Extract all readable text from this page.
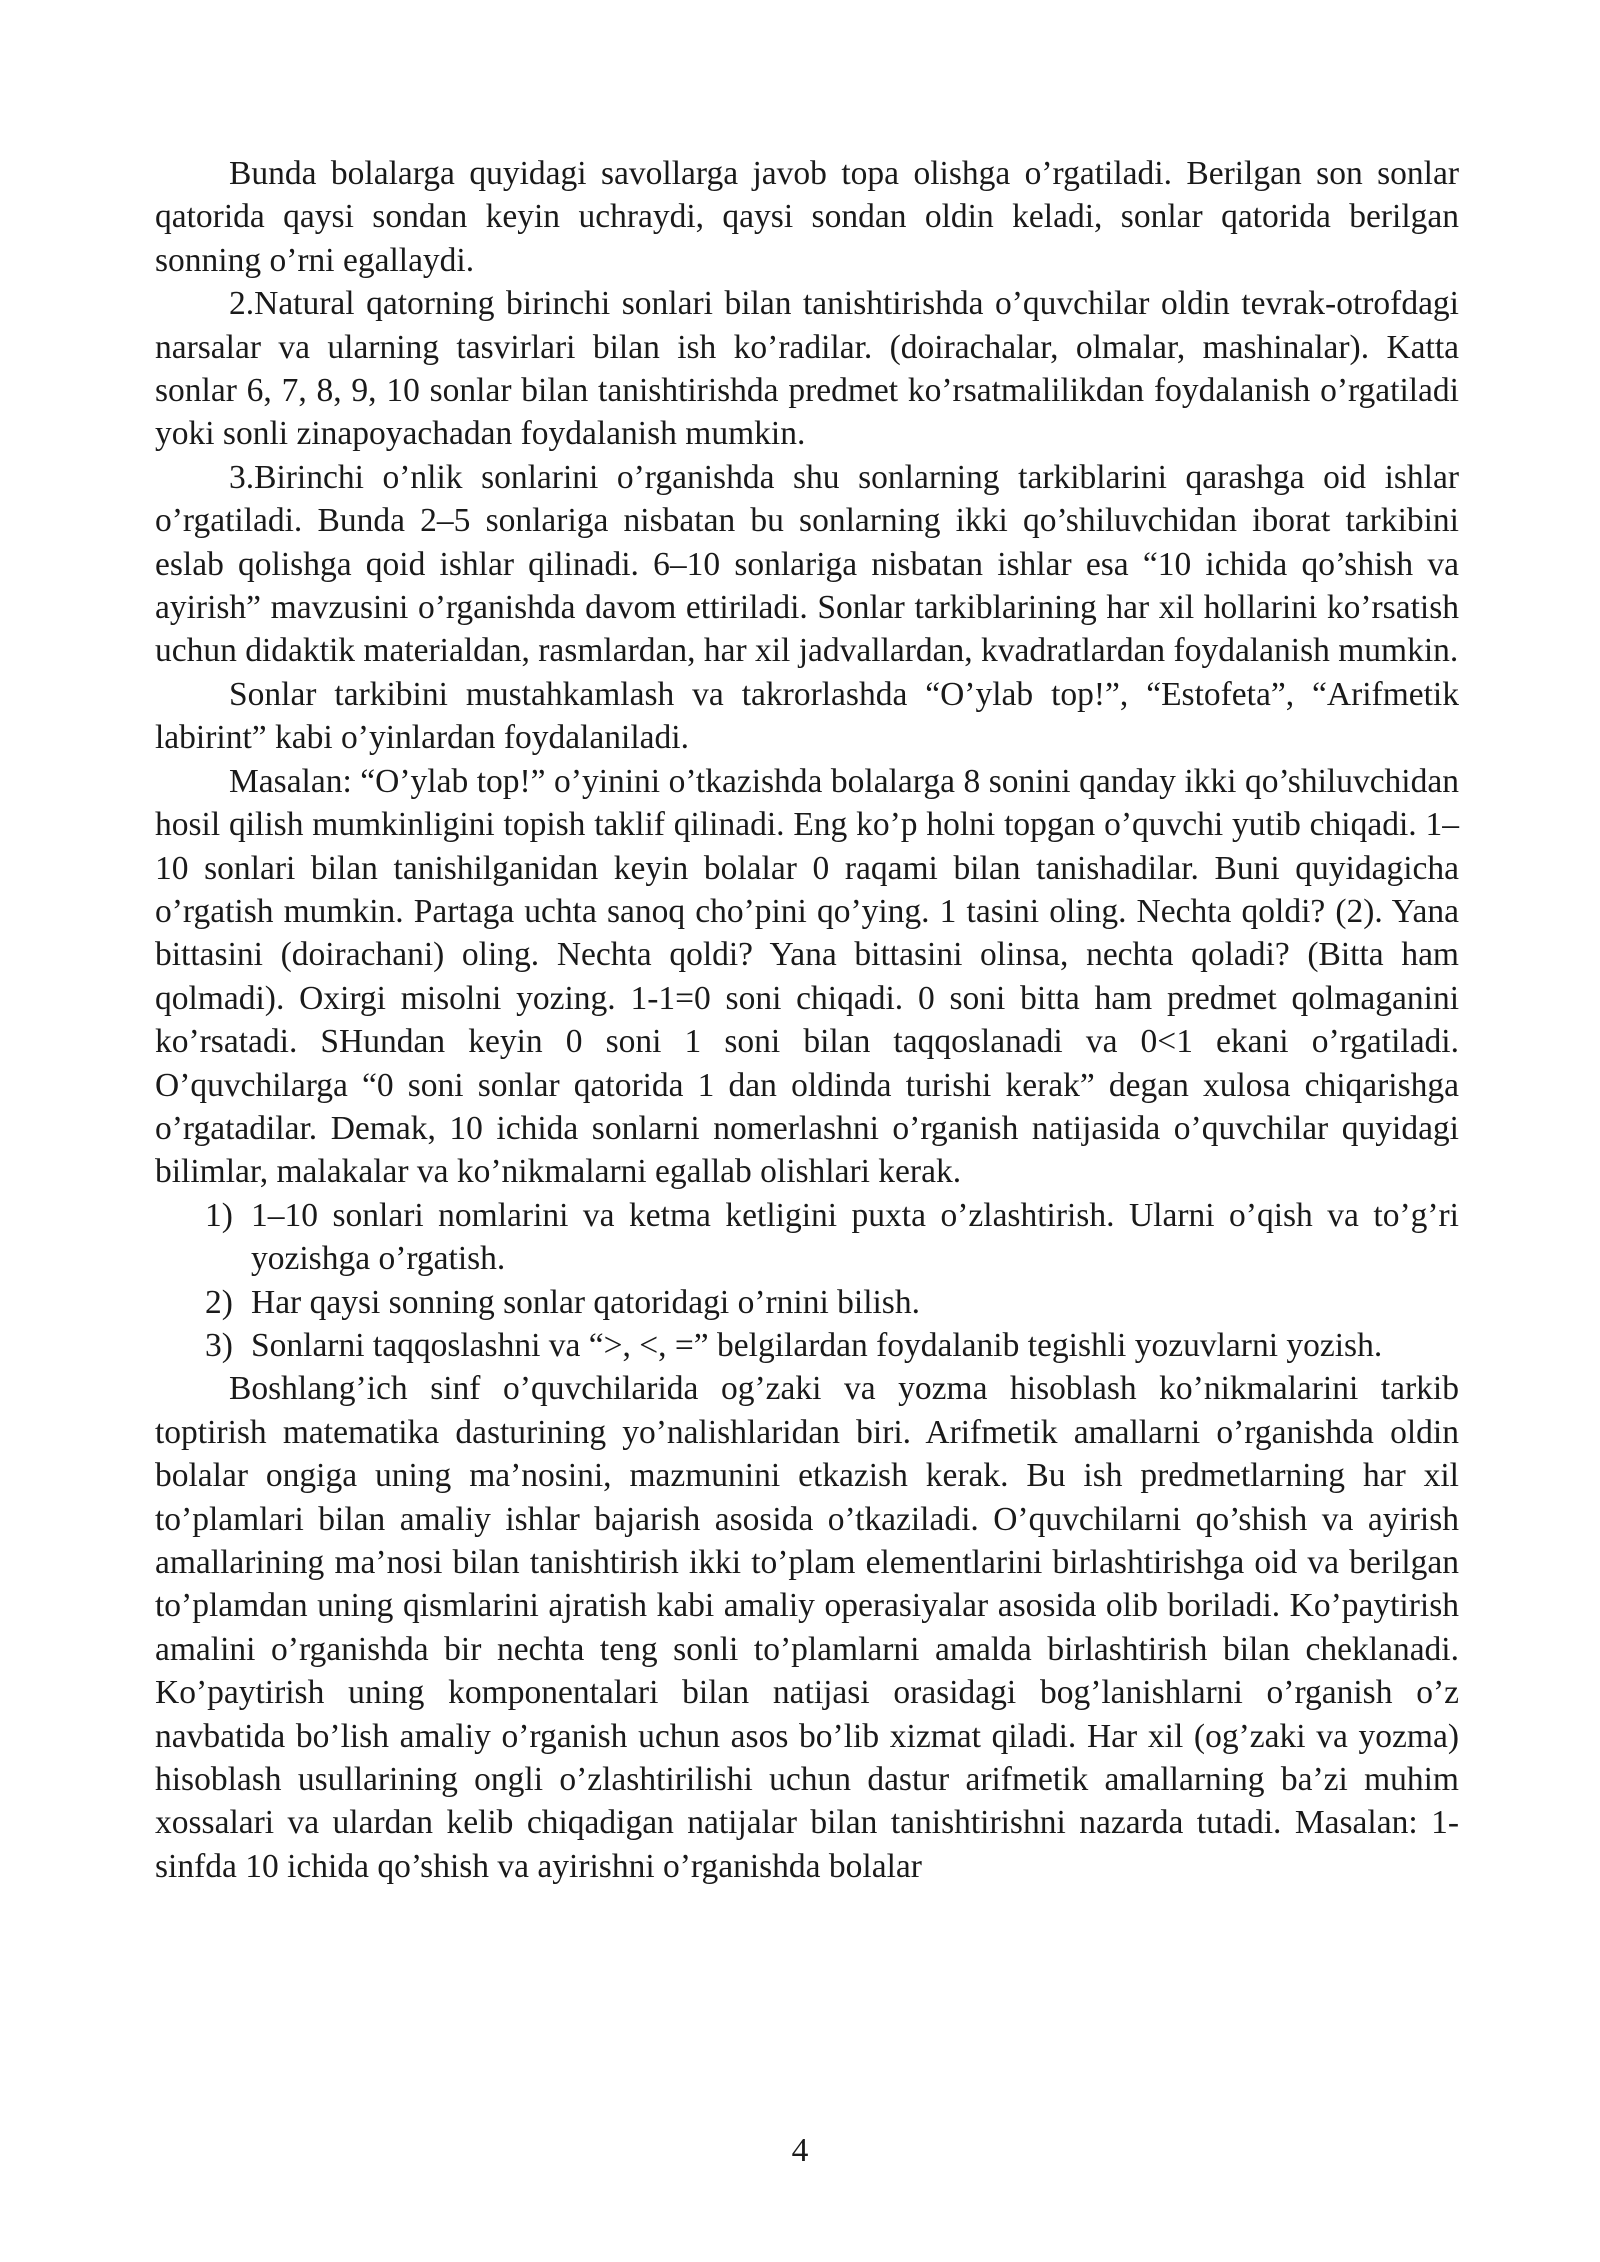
Bunda bolalarga quyidagi savollarga javob topa olishga o’rgatiladi. Berilgan son sonlar qatorida qaysi sondan keyin uchraydi, qaysi sondan oldin keladi, sonlar qatorida berilgan sonning o’rni egallaydi.

2.Natural qatorning birinchi sonlari bilan tanishtirishda o’quvchilar oldin tevrak-otrofdagi narsalar va ularning tasvirlari bilan ish ko’radilar. (doirachalar, olmalar, mashinalar). Katta sonlar 6, 7, 8, 9, 10 sonlar bilan tanishtirishda predmet ko’rsatmalilikdan foydalanish o’rgatiladi yoki sonli zinapoyachadan foydalanish mumkin.

3.Birinchi o’nlik sonlarini o’rganishda shu sonlarning tarkiblarini qarashga oid ishlar o’rgatiladi. Bunda 2–5 sonlariga nisbatan bu sonlarning ikki qo’shiluvchidan iborat tarkibini eslab qolishga qoid ishlar qilinadi. 6–10 sonlariga nisbatan ishlar esa “10 ichida qo’shish va ayirish” mavzusini o’rganishda davom ettiriladi. Sonlar tarkiblarining har xil hollarini ko’rsatish uchun didaktik materialdan, rasmlardan, har xil jadvallardan, kvadratlardan foydalanish mumkin.

Sonlar tarkibini mustahkamlash va takrorlashda “O’ylab top!”, “Estofeta”, “Arifmetik labirint” kabi o’yinlardan foydalaniladi.

Masalan: “O’ylab top!” o’yinini o’tkazishda bolalarga 8 sonini qanday ikki qo’shiluvchidan hosil qilish mumkinligini topish taklif qilinadi. Eng ko’p holni topgan o’quvchi yutib chiqadi. 1–10 sonlari bilan tanishilganidan keyin bolalar 0 raqami bilan tanishadilar. Buni quyidagicha o’rgatish mumkin. Partaga uchta sanoq cho’pini qo’ying. 1 tasini oling. Nechta qoldi? (2). Yana bittasini (doirachani) oling. Nechta qoldi? Yana bittasini olinsa, nechta qoladi? (Bitta ham qolmadi). Oxirgi misolni yozing. 1-1=0 soni chiqadi. 0 soni bitta ham predmet qolmaganini ko’rsatadi. SHundan keyin 0 soni 1 soni bilan taqqoslanadi va 0<1 ekani o’rgatiladi. O’quvchilarga “0 soni sonlar qatorida 1 dan oldinda turishi kerak” degan xulosa chiqarishga o’rgatadilar. Demak, 10 ichida sonlarni nomerlashni o’rganish natijasida o’quvchilar quyidagi bilimlar, malakalar va ko’nikmalarni egallab olishlari kerak.

1) 1–10 sonlari nomlarini va ketma ketligini puxta o’zlashtirish. Ularni o’qish va to’g’ri yozishga o’rgatish.
2) Har qaysi sonning sonlar qatoridagi o’rnini bilish.
3) Sonlarni taqqoslashni va “>, <, =” belgilardan foydalanib tegishli yozuvlarni yozish.

Boshlang’ich sinf o’quvchilarida og’zaki va yozma hisoblash ko’nikmalarini tarkib toptirish matematika dasturining yo’nalishlaridan biri. Arifmetik amallarni o’rganishda oldin bolalar ongiga uning ma’nosini, mazmunini etkazish kerak. Bu ish predmetlarning har xil to’plamlari bilan amaliy ishlar bajarish asosida o’tkaziladi. O’quvchilarni qo’shish va ayirish amallarining ma’nosi bilan tanishtirish ikki to’plam elementlarini birlashtirishga oid va berilgan to’plamdan uning qismlarini ajratish kabi amaliy operasiyalar asosida olib boriladi. Ko’paytirish amalini o’rganishda bir nechta teng sonli to’plamlarni amalda birlashtirish bilan cheklanadi. Ko’paytirish uning komponentalari bilan natijasi orasidagi bog’lanishlarni o’rganish o’z navbatida bo’lish amaliy o’rganish uchun asos bo’lib xizmat qiladi. Har xil (og’zaki va yozma) hisoblash usullarining ongli o’zlashtirilishi uchun dastur arifmetik amallarning ba’zi muhim xossalari va ulardan kelib chiqadigan natijalar bilan tanishtirishni nazarda tutadi. Masalan: 1-sinfda 10 ichida qo’shish va ayirishni o’rganishda bolalar

4
